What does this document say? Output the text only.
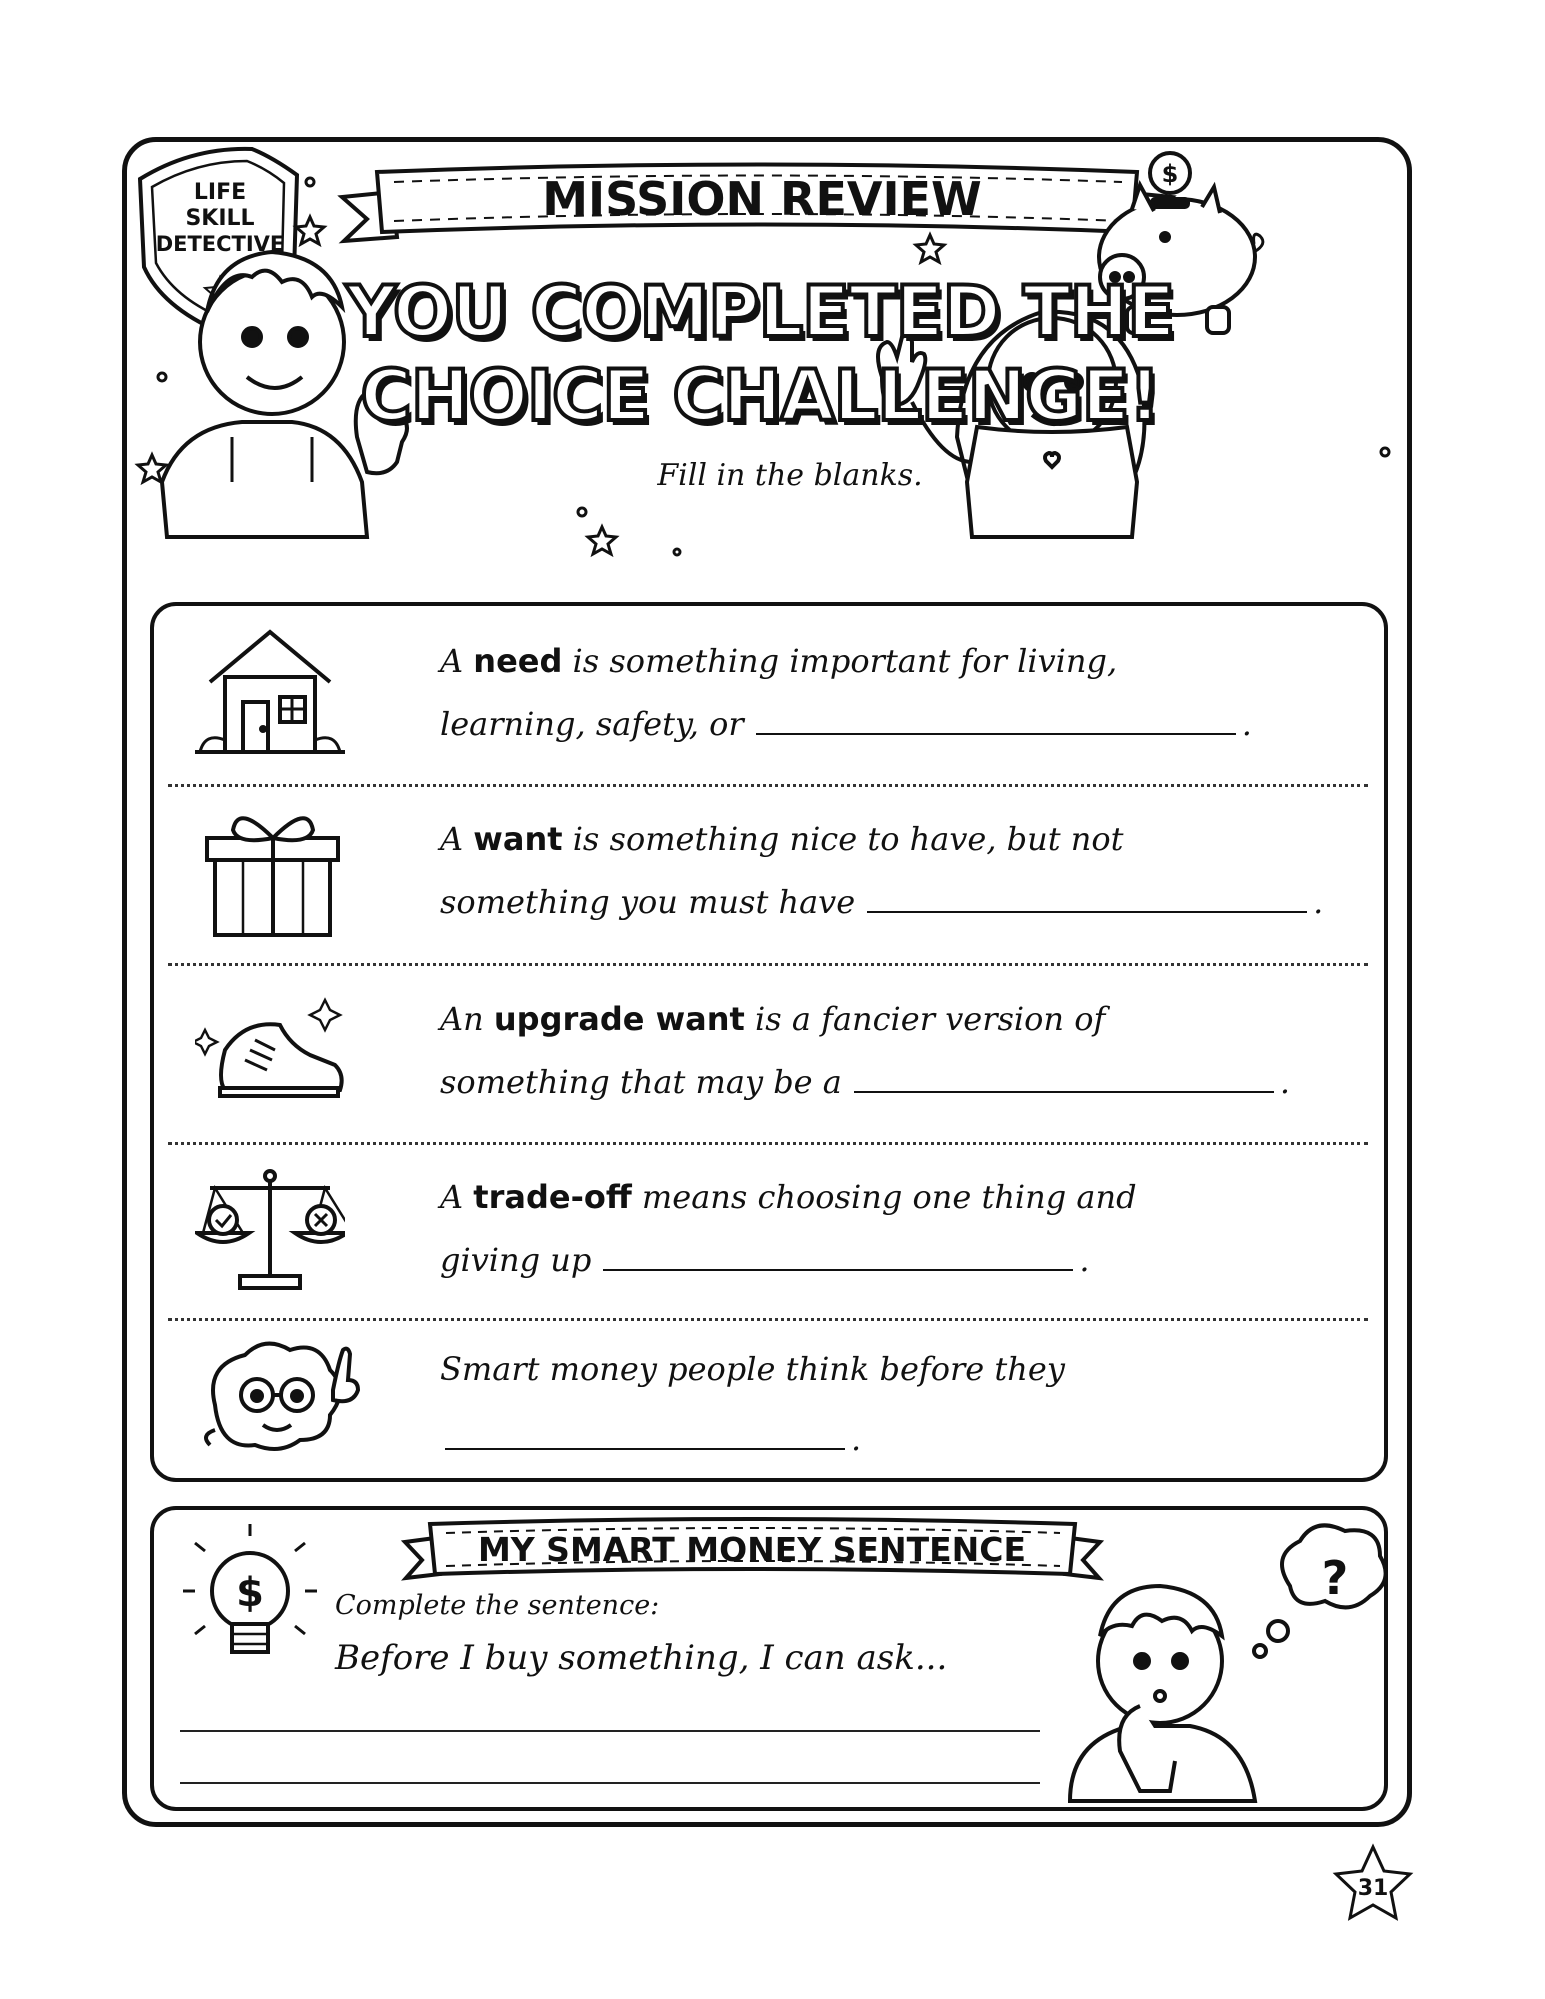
LIFE
SKILL
DETECTIVE
MISSION REVIEW	$
YOU COMPLETED THE
CHOICE CHALLENGE!
Fill in the blanks.
A need is something important for living,
learning, safety, or	.
A want is something nice to have, but not
something you must have	.
An upgrade want is a fancier version of
something that may be a	.
A trade-off means choosing one thing and
giving up	.
Smart money people think before they
.
MY SMART MONEY SENTENCE
$	?
Complete the sentence:
Before I buy something, I can ask...
31
